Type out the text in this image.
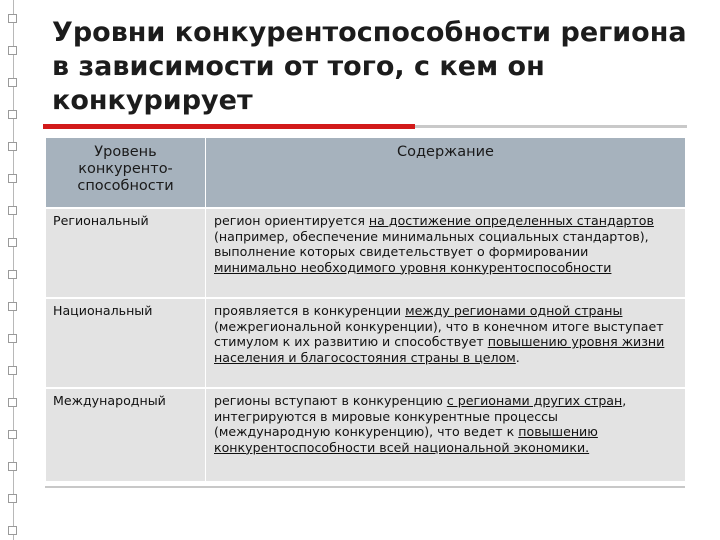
Уровни конкурентоспособности региона в зависимости от того, с кем он конкурирует
Уровень конкуренто-способности	Содержание
Региональный	регион ориентируется на достижение определенных стандартов (например, обеспечение минимальных социальных стандартов), выполнение которых свидетельствует о формировании минимально необходимого уровня конкурентоспособности
Национальный	проявляется в конкуренции между регионами одной страны (межрегиональной конкуренции), что в конечном итоге выступает стимулом к их развитию и способствует повышению уровня жизни населения и благосостояния страны в целом.
Международный	регионы вступают в конкуренцию с регионами других стран, интегрируются в мировые конкурентные процессы (международную конкуренцию), что ведет к повышению конкурентоспособности всей национальной экономики.
